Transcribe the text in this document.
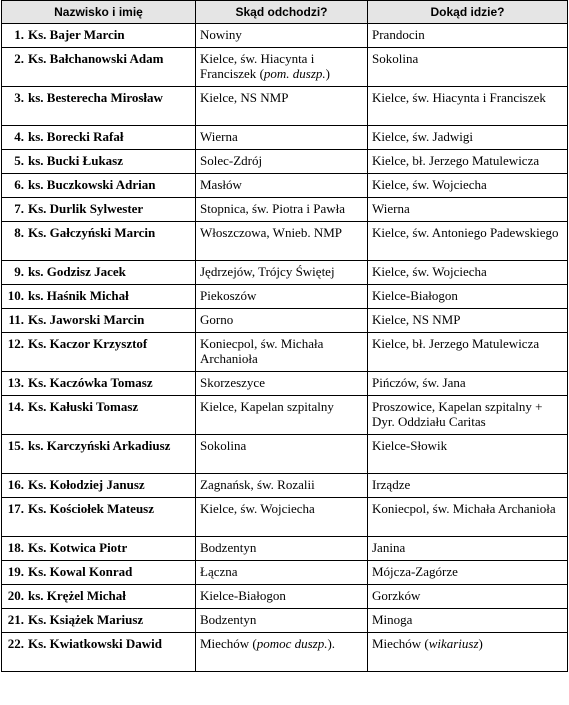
Nazwisko i imię	Skąd odchodzi?	Dokąd idzie?
1. Ks. Bajer Marcin	Nowiny	Prandocin
2. Ks. Bałchanowski Adam	Kielce, św. Hiacynta i Franciszek (pom. duszp.)	Sokolina
3. ks. Besterecha Mirosław	Kielce, NS NMP	Kielce, św. Hiacynta i Franciszek
4. ks. Borecki Rafał	Wierna	Kielce, św. Jadwigi
5. ks. Bucki Łukasz	Solec-Zdrój	Kielce, bł. Jerzego Matulewicza
6. ks. Buczkowski Adrian	Masłów	Kielce, św. Wojciecha
7. Ks. Durlik Sylwester	Stopnica, św. Piotra i Pawła	Wierna
8. Ks. Gałczyński Marcin	Włoszczowa, Wnieb. NMP	Kielce, św. Antoniego Padewskiego
9. ks. Godzisz Jacek	Jędrzejów, Trójcy Świętej	Kielce, św. Wojciecha
10. ks. Haśnik Michał	Piekoszów	Kielce-Białogon
11. Ks. Jaworski Marcin	Gorno	Kielce, NS NMP
12. Ks. Kaczor Krzysztof	Koniecpol, św. Michała Archanioła	Kielce, bł. Jerzego Matulewicza
13. Ks. Kaczówka Tomasz	Skorzeszyce	Pińczów, św. Jana
14. Ks. Kałuski Tomasz	Kielce, Kapelan szpitalny	Proszowice, Kapelan szpitalny + Dyr. Oddziału Caritas
15. ks. Karczyński Arkadiusz	Sokolina	Kielce-Słowik
16. Ks. Kołodziej Janusz	Zagnańsk, św. Rozalii	Irządze
17. Ks. Kościołek Mateusz	Kielce, św. Wojciecha	Koniecpol, św. Michała Archanioła
18. Ks. Kotwica Piotr	Bodzentyn	Janina
19. Ks. Kowal Konrad	Łączna	Mójcza-Zagórze
20. ks. Krężel Michał	Kielce-Białogon	Gorzków
21. Ks. Książek Mariusz	Bodzentyn	Minoga
22. Ks. Kwiatkowski Dawid	Miechów (pomoc duszp.).	Miechów (wikariusz)
